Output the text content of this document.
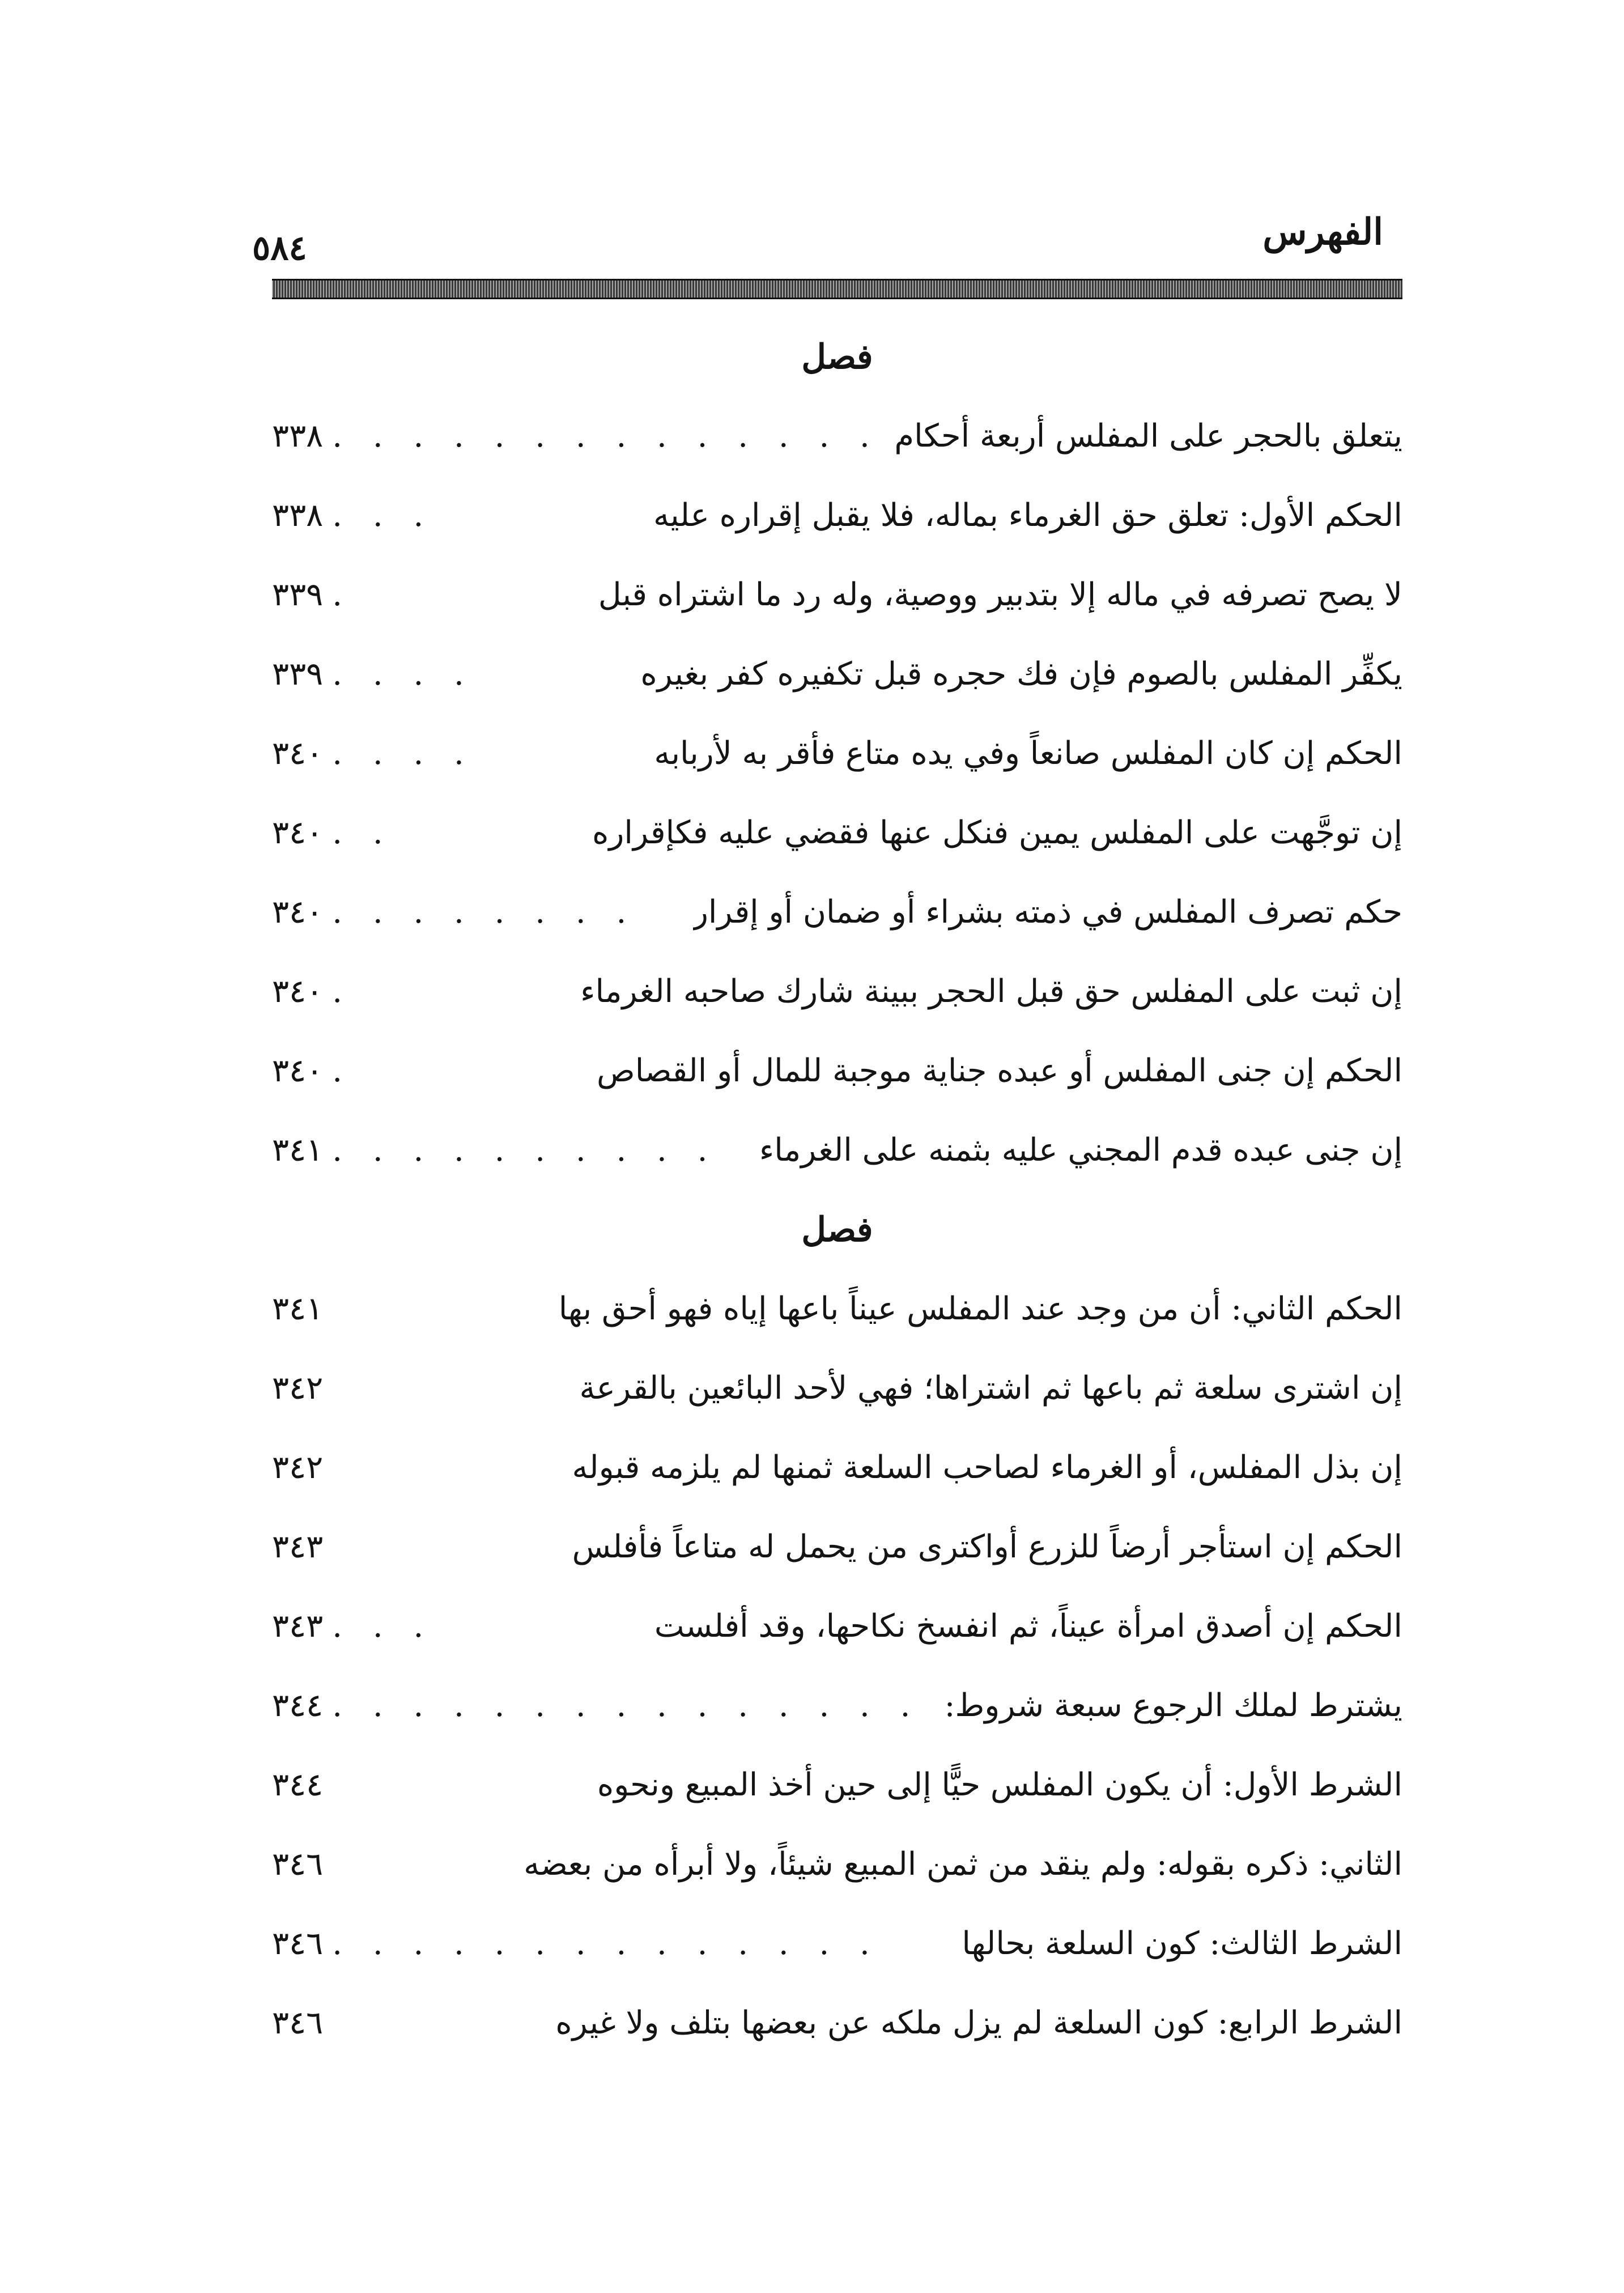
الفهرس
٥٨٤
فصل
يتعلق بالحجر على المفلس أربعة أحكام
. . . . . . . . . . . . . .
٣٣٨
الحكم الأول: تعلق حق الغرماء بماله، فلا يقبل إقراره عليه
. . .
٣٣٨
لا يصح تصرفه في ماله إلا بتدبير ووصية، وله رد ما اشتراه قبل
.
٣٣٩
يكفِّر المفلس بالصوم فإن فك حجره قبل تكفيره كفر بغيره
. . . .
٣٣٩
الحكم إن كان المفلس صانعاً وفي يده متاع فأقر به لأربابه
. . . .
٣٤٠
إن توجَّهت على المفلس يمين فنكل عنها فقضي عليه فكإقراره
. .
٣٤٠
حكم تصرف المفلس في ذمته بشراء أو ضمان أو إقرار
. . . . . . . .
٣٤٠
إن ثبت على المفلس حق قبل الحجر ببينة شارك صاحبه الغرماء
.
٣٤٠
الحكم إن جنى المفلس أو عبده جناية موجبة للمال أو القصاص
.
٣٤٠
إن جنى عبده قدم المجني عليه بثمنه على الغرماء
. . . . . . . . . .
٣٤١
فصل
الحكم الثاني: أن من وجد عند المفلس عيناً باعها إياه فهو أحق بها
٣٤١
إن اشترى سلعة ثم باعها ثم اشتراها؛ فهي لأحد البائعين بالقرعة
٣٤٢
إن بذل المفلس، أو الغرماء لصاحب السلعة ثمنها لم يلزمه قبوله
٣٤٢
الحكم إن استأجر أرضاً للزرع أواكترى من يحمل له متاعاً فأفلس
٣٤٣
الحكم إن أصدق امرأة عيناً، ثم انفسخ نكاحها، وقد أفلست
. . .
٣٤٣
يشترط لملك الرجوع سبعة شروط:
. . . . . . . . . . . . . . .
٣٤٤
الشرط الأول: أن يكون المفلس حيًّا إلى حين أخذ المبيع ونحوه
٣٤٤
الثاني: ذكره بقوله: ولم ينقد من ثمن المبيع شيئاً، ولا أبرأه من بعضه
٣٤٦
الشرط الثالث: كون السلعة بحالها
. . . . . . . . . . . . . .
٣٤٦
الشرط الرابع: كون السلعة لم يزل ملكه عن بعضها بتلف ولا غيره
٣٤٦
